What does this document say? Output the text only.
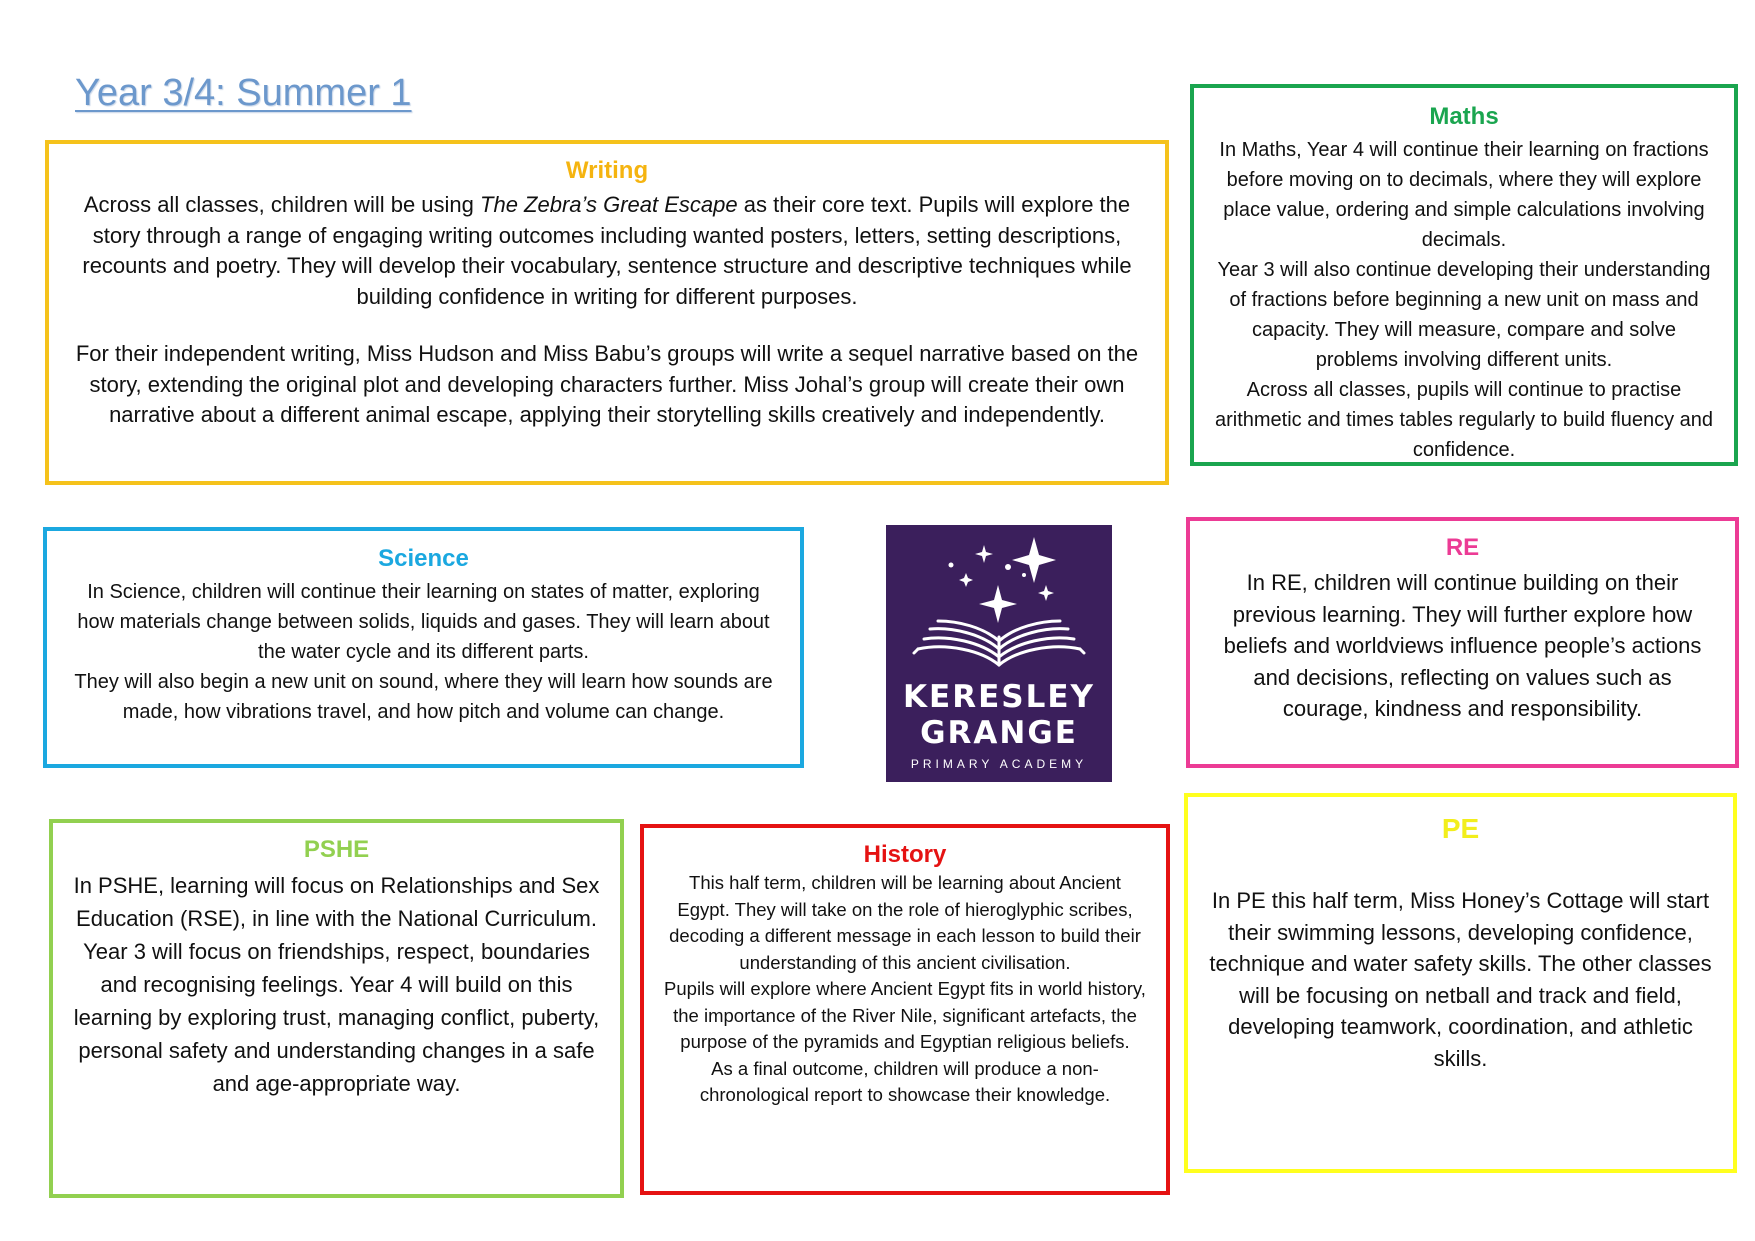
Year 3/4: Summer 1
Writing

Across all classes, children will be using The Zebra’s Great Escape as their core text. Pupils will explore the story through a range of engaging writing outcomes including wanted posters, letters, setting descriptions, recounts and poetry. They will develop their vocabulary, sentence structure and descriptive techniques while building confidence in writing for different purposes.

For their independent writing, Miss Hudson and Miss Babu’s groups will write a sequel narrative based on the story, extending the original plot and developing characters further. Miss Johal’s group will create their own narrative about a different animal escape, applying their storytelling skills creatively and independently.

Maths

In Maths, Year 4 will continue their learning on fractions before moving on to decimals, where they will explore place value, ordering and simple calculations involving decimals.

Year 3 will also continue developing their understanding of fractions before beginning a new unit on mass and capacity. They will measure, compare and solve problems involving different units.

Across all classes, pupils will continue to practise arithmetic and times tables regularly to build fluency and confidence.

Science

In Science, children will continue their learning on states of matter, exploring how materials change between solids, liquids and gases. They will learn about the water cycle and its different parts.

They will also begin a new unit on sound, where they will learn how sounds are made, how vibrations travel, and how pitch and volume can change.	KERESLEY
GRANGE
PRIMARY ACADEMY
RE

In RE, children will continue building on their previous learning. They will further explore how beliefs and worldviews influence people’s actions and decisions, reflecting on values such as courage, kindness and responsibility.

PSHE

In PSHE, learning will focus on Relationships and Sex Education (RSE), in line with the National Curriculum. Year 3 will focus on friendships, respect, boundaries and recognising feelings. Year 4 will build on this learning by exploring trust, managing conflict, puberty, personal safety and understanding changes in a safe and age-appropriate way.

History

This half term, children will be learning about Ancient Egypt. They will take on the role of hieroglyphic scribes, decoding a different message in each lesson to build their understanding of this ancient civilisation.

Pupils will explore where Ancient Egypt fits in world history, the importance of the River Nile, significant artefacts, the purpose of the pyramids and Egyptian religious beliefs.

As a final outcome, children will produce a non-chronological report to showcase their knowledge.

PE

In PE this half term, Miss Honey’s Cottage will start their swimming lessons, developing confidence, technique and water safety skills. The other classes will be focusing on netball and track and field, developing teamwork, coordination, and athletic skills.
